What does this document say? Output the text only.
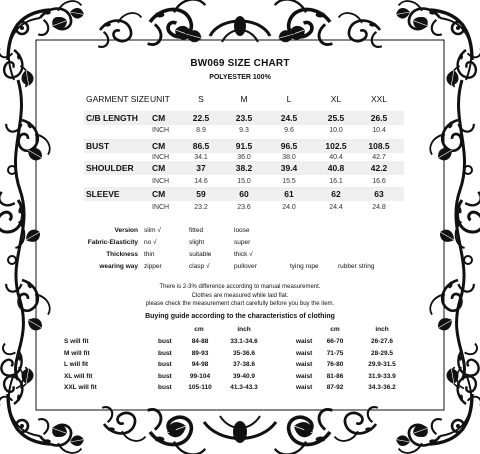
BW069 SIZE CHART
POLYESTER 100%
GARMENT SIZE UNIT	S	M	L	XL	XXL
C/B LENGTH CM	22.5	23.5	24.5	25.5	26.5
INCH	8.9	9.3	9.6	10.0	10.4
BUST	CM	86.5	91.5	96.5	102.5	108.5
INCH	34.1	36.0	38.0	40.4	42.7
SHOULDER CM	37	38.2	39.4	40.8	42.2
INCH	14.6	15.0	15.5	16.1	16.6
SLEEVE	CM	59	60	61	62	63
INCH	23.2	23.6	24.0	24.4	24.8
Version slim √	fitted	loose
Fabric-Elasticity no √	slight	super
Thickness thin	suitable	thick √
wearing way zipper	clasp √	pullover	tying rope	rubber string
There is 2-3% difference according to manual measurement.
Clothes are measured while laid flat.
please check the measurement chart carefully before you buy the item.
Buying guide according to the characteristics of clothing
cm	inch	cm	inch
S will fit	bust	84-88	33.1-34.6	waist	66-70	26-27.6
M will fit	bust	89-93	35-36.6	waist	71-75	28-29.5
L will fit	bust	94-98	37-38.6	waist	76-80	29.9-31.5
XL will fit	bust	99-104	39-40.9	waist	81-86	31.9-33.9
XXL will fit	bust	105-110	41.3-43.3	waist	87-92	34.3-36.2
